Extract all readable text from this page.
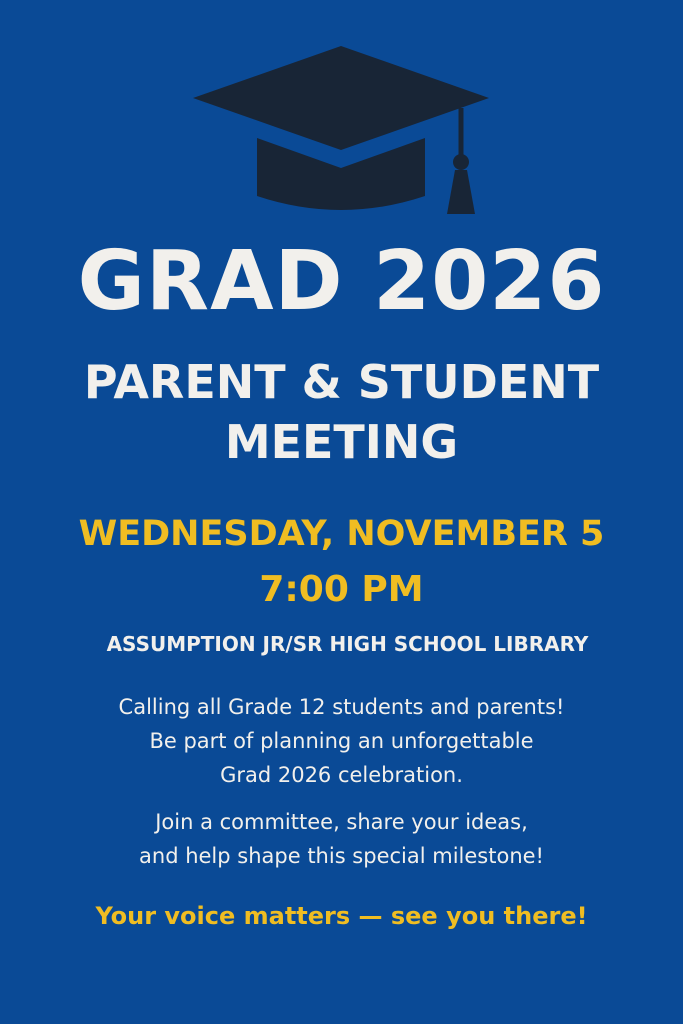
GRAD 2026
PARENT & STUDENT
MEETING
WEDNESDAY, NOVEMBER 5
7:00 PM
ASSUMPTION JR/SR HIGH SCHOOL LIBRARY
Calling all Grade 12 students and parents!
Be part of planning an unforgettable
Grad 2026 celebration.
Join a committee, share your ideas,
and help shape this special milestone!
Your voice matters — see you there!
